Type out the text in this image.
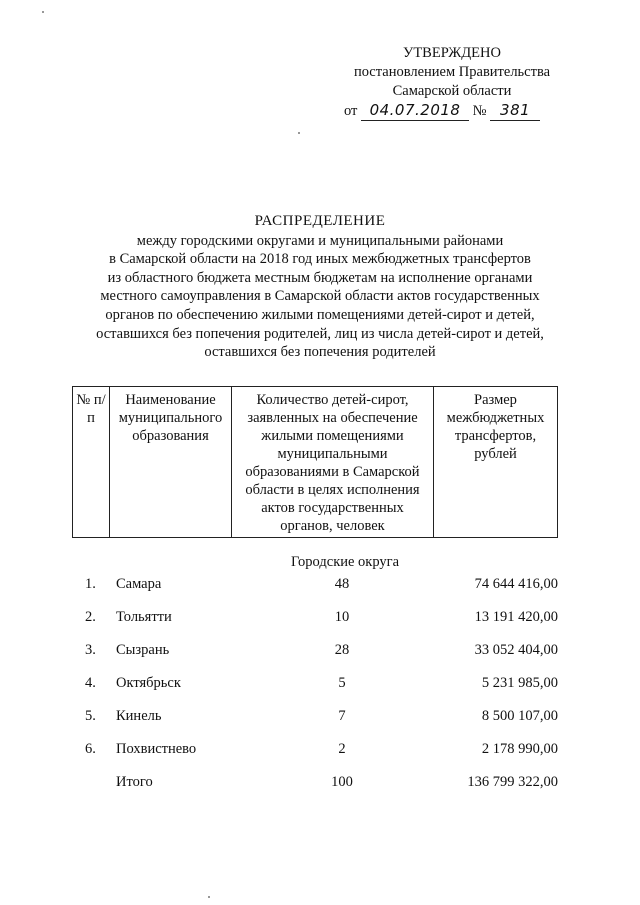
УТВЕРЖДЕНО
постановлением Правительства
Самарской области
от 04.07.2018 № 381
РАСПРЕДЕЛЕНИЕ
между городскими округами и муниципальными районами
в Самарской области на 2018 год иных межбюджетных трансфертов
из областного бюджета местным бюджетам на исполнение органами
местного самоуправления в Самарской области актов государственных
органов по обеспечению жилыми помещениями детей-сирот и детей,
оставшихся без попечения родителей, лиц из числа детей-сирот и детей,
оставшихся без попечения родителей
№ п/п	Наименование муниципального образования	Количество детей-сирот, заявленных на обеспечение жилыми помещениями муниципальными образованиями в Самарской области в целях исполнения актов государственных органов, человек	Размер межбюджетных трансфертов, рублей
Городские округа
1. Самара	48	74 644 416,00
2. Тольятти	10	13 191 420,00
3. Сызрань	28	33 052 404,00
4. Октябрьск	5	5 231 985,00
5. Кинель	7	8 500 107,00
6. Похвистнево	2	2 178 990,00
Итого	100	136 799 322,00
